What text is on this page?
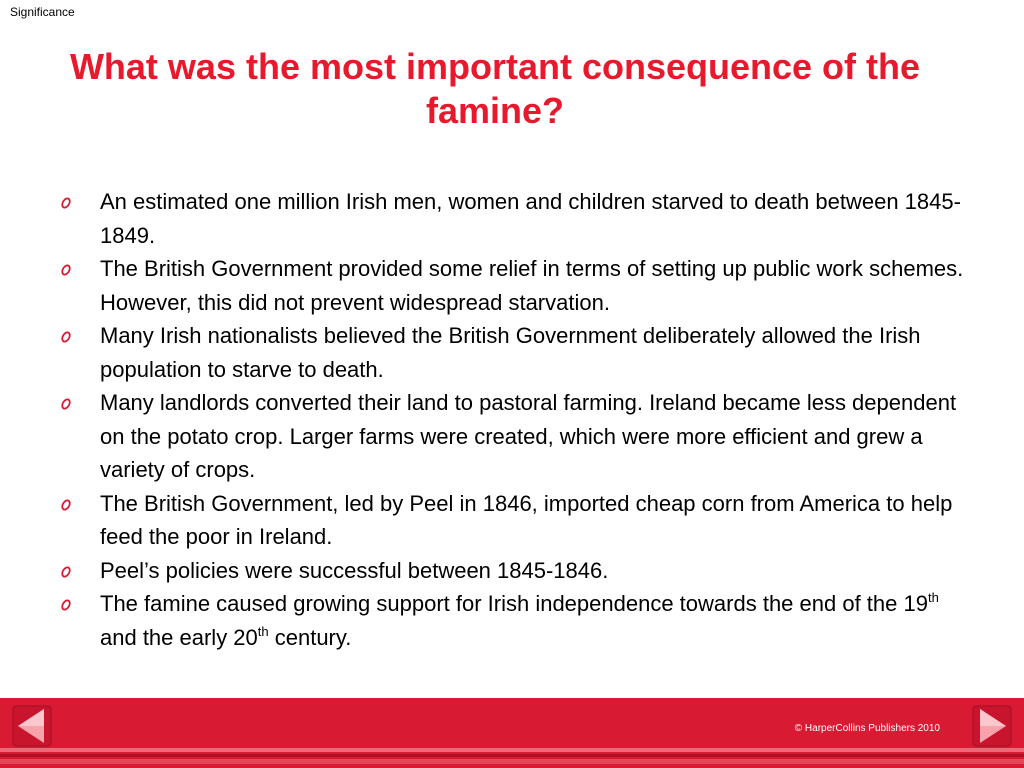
Significance
What was the most important consequence of the famine?
An estimated one million Irish men, women and children starved to death between 1845-1849.
The British Government provided some relief in terms of setting up public work schemes. However, this did not prevent widespread starvation.
Many Irish nationalists believed the British Government deliberately allowed the Irish population to starve to death.
Many landlords converted their land to pastoral farming. Ireland became less dependent on the potato crop. Larger farms were created, which were more efficient and grew a variety of crops.
The British Government, led by Peel in 1846, imported cheap corn from America to help feed the poor in Ireland.
Peel’s policies were successful between 1845-1846.
The famine caused growing support for Irish independence towards the end of the 19th and the early 20th century.
© HarperCollins Publishers 2010
